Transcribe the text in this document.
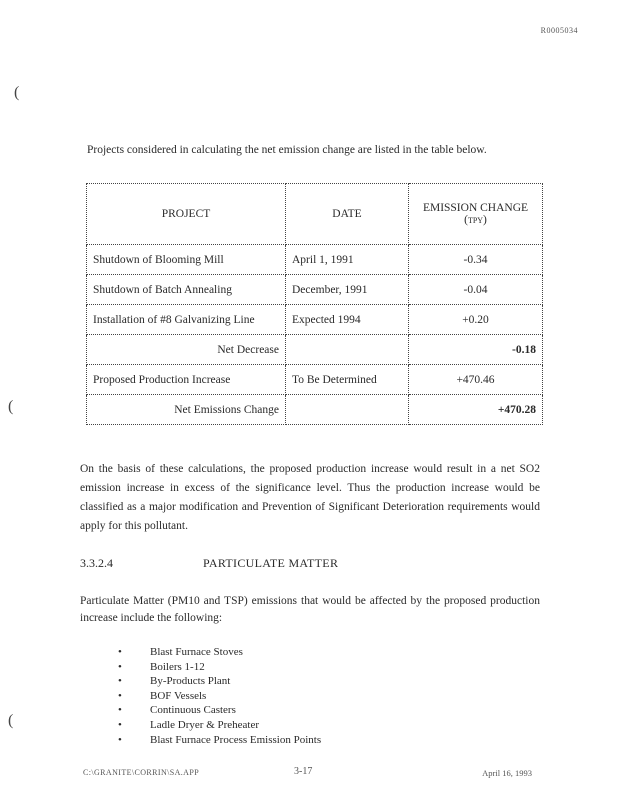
R0005034
(
(
(
Projects considered in calculating the net emission change are listed in the table below.
PROJECT	DATE	EMISSION CHANGE (tpy)
Shutdown of Blooming Mill	April 1, 1991	-0.34
Shutdown of Batch Annealing	December, 1991	-0.04
Installation of #8 Galvanizing Line	Expected 1994	+0.20
Net Decrease		-0.18
Proposed Production Increase	To Be Determined	+470.46
Net Emissions Change		+470.28
On the basis of these calculations, the proposed production increase would result in a net SO2 emission increase in excess of the significance level. Thus the production increase would be classified as a major modification and Prevention of Significant Deterioration requirements would apply for this pollutant.
3.3.2.4	PARTICULATE MATTER
Particulate Matter (PM10 and TSP) emissions that would be affected by the proposed production increase include the following:
•	Blast Furnace Stoves
•	Boilers 1-12
•	By-Products Plant
•	BOF Vessels
•	Continuous Casters
•	Ladle Dryer & Preheater
•	Blast Furnace Process Emission Points
C:\GRANITE\CORRIN\SA.APP	3-17	April 16, 1993
